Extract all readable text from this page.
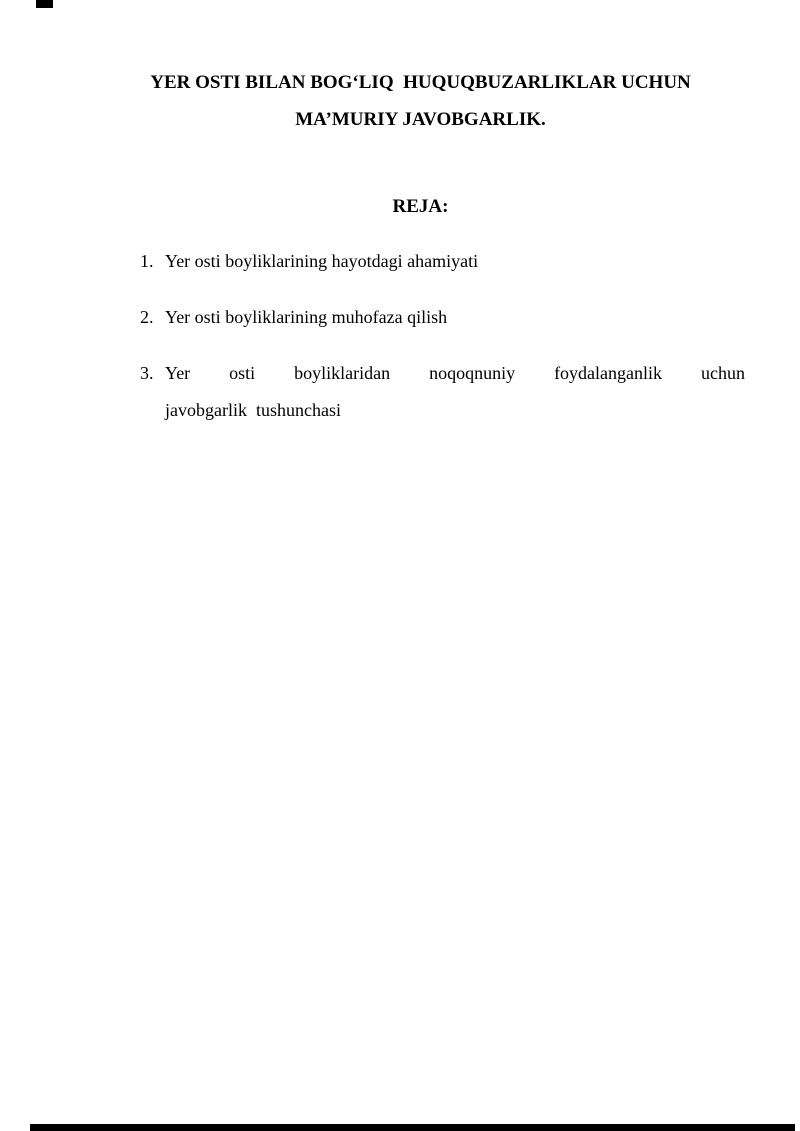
YER OSTI BILAN BOG‘LIQ  HUQUQBUZARLIKLAR UCHUN
MA’MURIY JAVOBGARLIK.
REJA:
1. Yer osti boyliklarining hayotdagi ahamiyati
2. Yer osti boyliklarining muhofaza qilish
3. Yer osti boyliklaridan noqoqnuniy foydalanganlik uchun
javobgarlik  tushunchasi
